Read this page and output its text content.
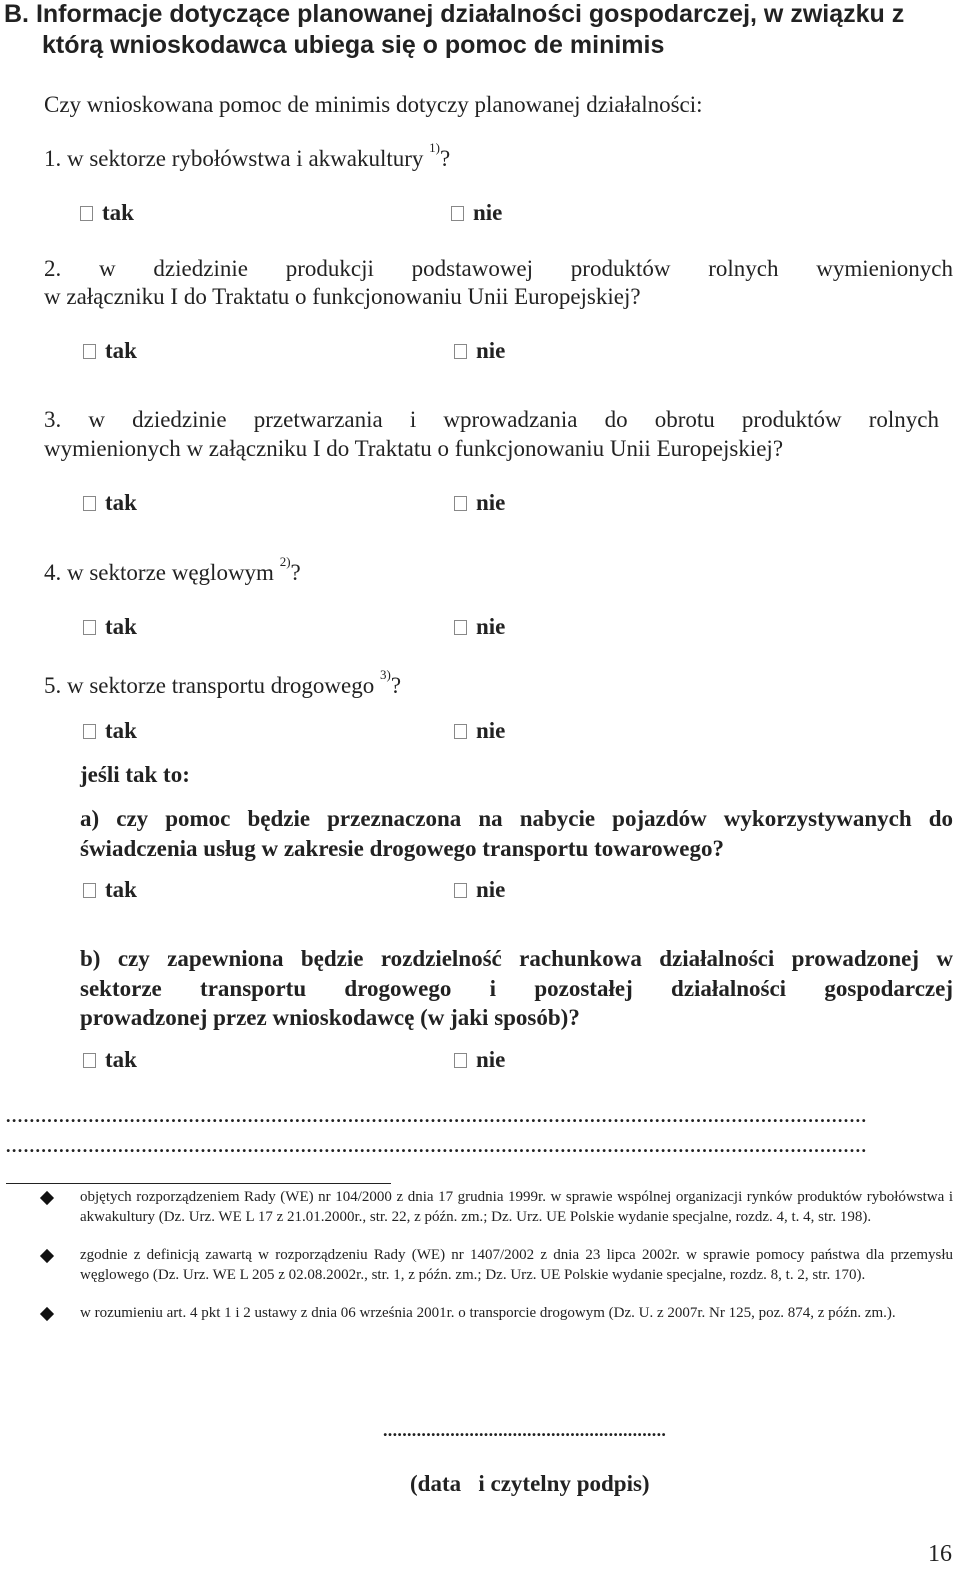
B. Informacje dotyczące planowanej działalności gospodarczej, w związku z
którą wnioskodawca ubiega się o pomoc de minimis
Czy wnioskowana pomoc de minimis dotyczy planowanej działalności:
1. w sektorze rybołówstwa i akwakultury $^{1)}$?
tak	nie
2. w dziedzinie produkcji podstawowej produktów rolnych wymienionych
w załączniku I do Traktatu o funkcjonowaniu Unii Europejskiej?
tak	nie
3. w dziedzinie przetwarzania i wprowadzania do obrotu produktów rolnych
wymienionych w załączniku I do Traktatu o funkcjonowaniu Unii Europejskiej?
tak	nie
4. w sektorze węglowym $^{2)}$?
tak	nie
5. w sektorze transportu drogowego $^{3)}$?
tak	nie
jeśli tak to:
a) czy pomoc będzie przeznaczona na nabycie pojazdów wykorzystywanych do
świadczenia usług w zakresie drogowego transportu towarowego?
tak	nie
b) czy zapewniona będzie rozdzielność rachunkowa działalności prowadzonej w
sektorze transportu drogowego i pozostałej działalności gospodarczej
prowadzonej przez wnioskodawcę (w jaki sposób)?
tak	nie
..................................................................................................................................................
..................................................................................................................................................
objętych rozporządzeniem Rady (WE) nr 104/2000 z dnia 17 grudnia 1999r. w sprawie wspólnej organizacji rynków produktów rybołówstwa i akwakultury (Dz. Urz. WE L 17 z 21.01.2000r., str. 22, z późn. zm.; Dz. Urz. UE Polskie wydanie specjalne, rozdz. 4, t. 4, str. 198).
zgodnie z definicją zawartą w rozporządzeniu Rady (WE) nr 1407/2002 z dnia 23 lipca 2002r. w sprawie pomocy państwa dla przemysłu węglowego (Dz. Urz. WE L 205 z 02.08.2002r., str. 1, z późn. zm.; Dz. Urz. UE Polskie wydanie specjalne, rozdz. 8, t. 2, str. 170).
w rozumieniu art. 4 pkt 1 i 2 ustawy z dnia 06 września 2001r. o transporcie drogowym (Dz. U. z 2007r. Nr 125, poz. 874, z późn. zm.).
...........................................................
(data   i czytelny podpis)
16
